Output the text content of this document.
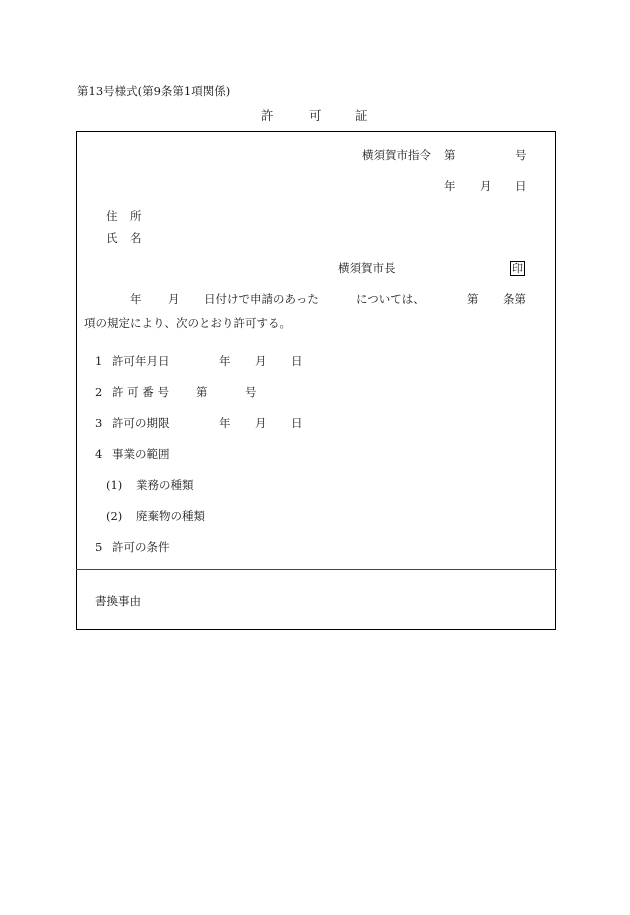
第13号様式(第9条第1項関係)
許	可	証
横須賀市指令 第	号
年 月 日
住 所
氏 名
横須賀市長	印
年 月 日付けで申請のあった	については、	第 条第
項の規定により、次のとおり許可する。
1 許可年月日	年 月 日
2 許 可 番 号 第	号
3 許可の期限	年 月 日
4 事業の範囲
(1) 業務の種類
(2) 廃棄物の種類
5 許可の条件
書換事由
